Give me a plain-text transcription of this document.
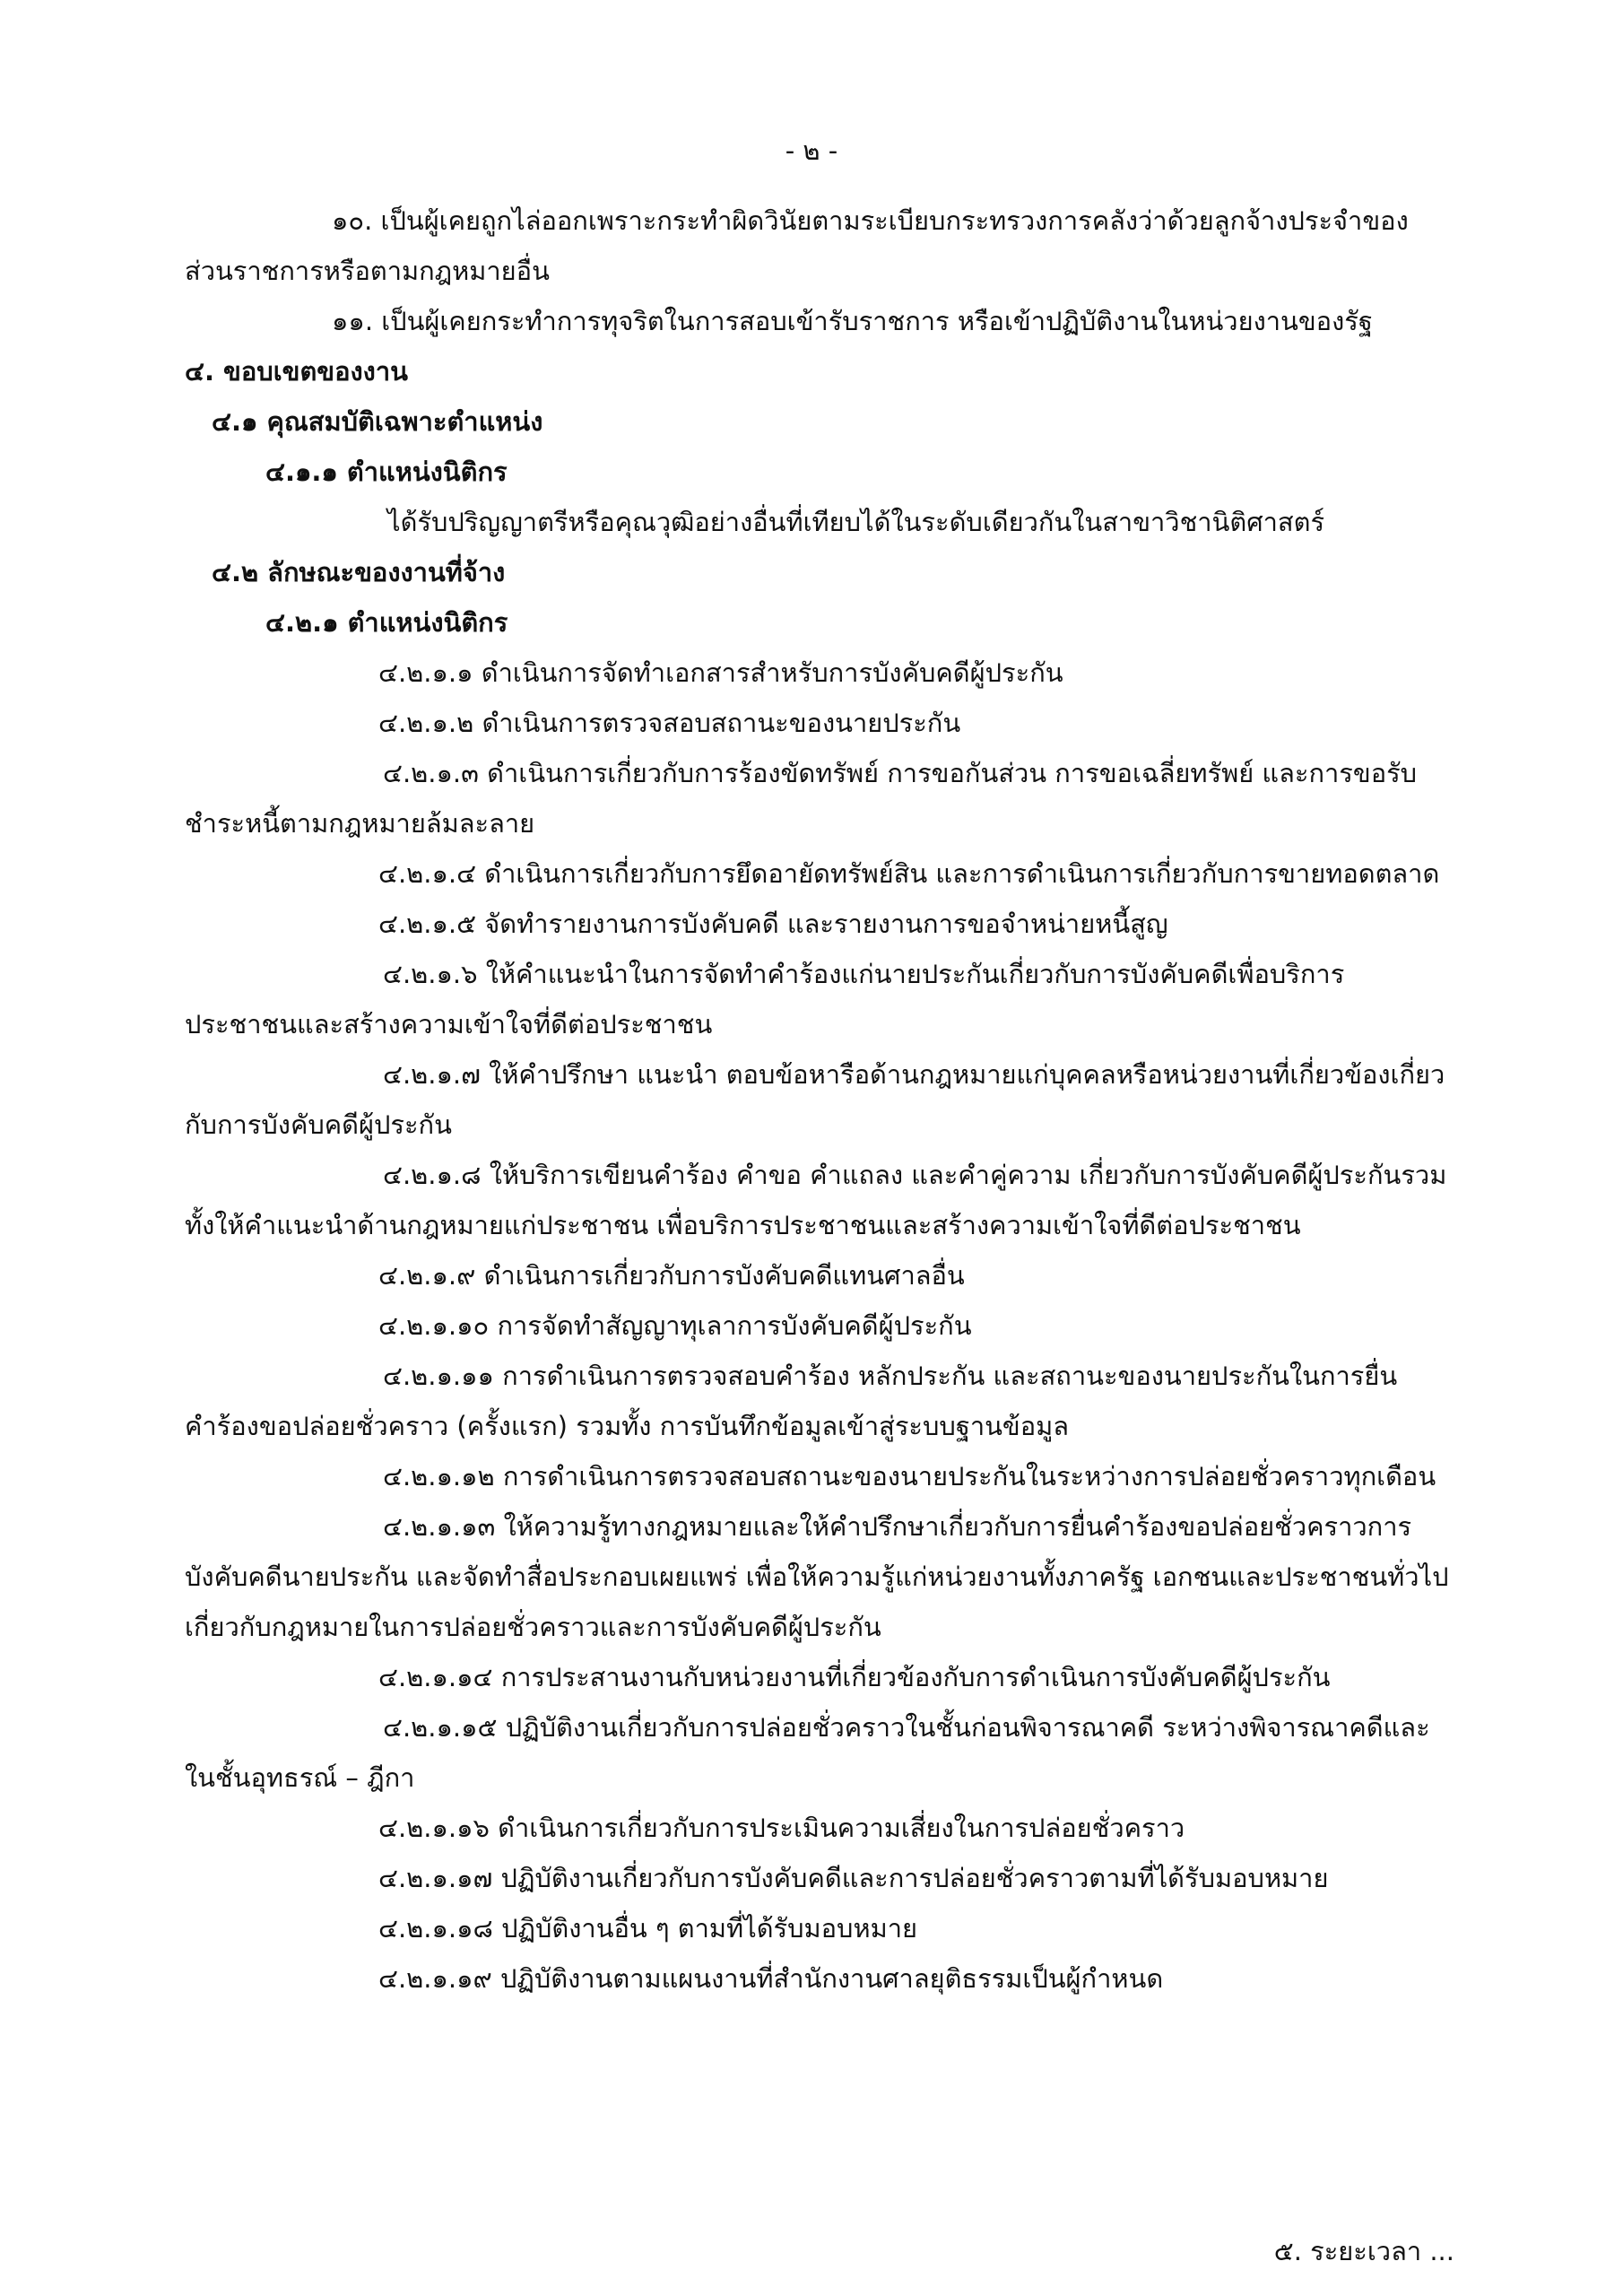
- ๒ -

๑๐. เป็นผู้เคยถูกไล่ออกเพราะกระทำผิดวินัยตามระเบียบกระทรวงการคลังว่าด้วยลูกจ้างประจำของส่วนราชการหรือตามกฎหมายอื่น

๑๑. เป็นผู้เคยกระทำการทุจริตในการสอบเข้ารับราชการ หรือเข้าปฏิบัติงานในหน่วยงานของรัฐ

๔. ขอบเขตของงาน

๔.๑ คุณสมบัติเฉพาะตำแหน่ง

๔.๑.๑ ตำแหน่งนิติกร

ได้รับปริญญาตรีหรือคุณวุฒิอย่างอื่นที่เทียบได้ในระดับเดียวกันในสาขาวิชานิติศาสตร์

๔.๒ ลักษณะของงานที่จ้าง

๔.๒.๑ ตำแหน่งนิติกร

๔.๒.๑.๑ ดำเนินการจัดทำเอกสารสำหรับการบังคับคดีผู้ประกัน

๔.๒.๑.๒ ดำเนินการตรวจสอบสถานะของนายประกัน

๔.๒.๑.๓ ดำเนินการเกี่ยวกับการร้องขัดทรัพย์ การขอกันส่วน การขอเฉลี่ยทรัพย์ และการขอรับชำระหนี้ตามกฎหมายล้มละลาย

๔.๒.๑.๔ ดำเนินการเกี่ยวกับการยึดอายัดทรัพย์สิน และการดำเนินการเกี่ยวกับการขายทอดตลาด

๔.๒.๑.๕ จัดทำรายงานการบังคับคดี และรายงานการขอจำหน่ายหนี้สูญ

๔.๒.๑.๖ ให้คำแนะนำในการจัดทำคำร้องแก่นายประกันเกี่ยวกับการบังคับคดีเพื่อบริการประชาชนและสร้างความเข้าใจที่ดีต่อประชาชน

๔.๒.๑.๗ ให้คำปรึกษา แนะนำ ตอบข้อหารือด้านกฎหมายแก่บุคคลหรือหน่วยงานที่เกี่ยวข้องเกี่ยวกับการบังคับคดีผู้ประกัน

๔.๒.๑.๘ ให้บริการเขียนคำร้อง คำขอ คำแถลง และคำคู่ความ เกี่ยวกับการบังคับคดีผู้ประกันรวมทั้งให้คำแนะนำด้านกฎหมายแก่ประชาชน เพื่อบริการประชาชนและสร้างความเข้าใจที่ดีต่อประชาชน

๔.๒.๑.๙ ดำเนินการเกี่ยวกับการบังคับคดีแทนศาลอื่น

๔.๒.๑.๑๐ การจัดทำสัญญาทุเลาการบังคับคดีผู้ประกัน

๔.๒.๑.๑๑ การดำเนินการตรวจสอบคำร้อง หลักประกัน และสถานะของนายประกันในการยื่นคำร้องขอปล่อยชั่วคราว (ครั้งแรก) รวมทั้ง การบันทึกข้อมูลเข้าสู่ระบบฐานข้อมูล

๔.๒.๑.๑๒ การดำเนินการตรวจสอบสถานะของนายประกันในระหว่างการปล่อยชั่วคราวทุกเดือน

๔.๒.๑.๑๓ ให้ความรู้ทางกฎหมายและให้คำปรึกษาเกี่ยวกับการยื่นคำร้องขอปล่อยชั่วคราวการบังคับคดีนายประกัน และจัดทำสื่อประกอบเผยแพร่ เพื่อให้ความรู้แก่หน่วยงานทั้งภาครัฐ เอกชนและประชาชนทั่วไป เกี่ยวกับกฎหมายในการปล่อยชั่วคราวและการบังคับคดีผู้ประกัน

๔.๒.๑.๑๔ การประสานงานกับหน่วยงานที่เกี่ยวข้องกับการดำเนินการบังคับคดีผู้ประกัน

๔.๒.๑.๑๕ ปฏิบัติงานเกี่ยวกับการปล่อยชั่วคราวในชั้นก่อนพิจารณาคดี ระหว่างพิจารณาคดีและในชั้นอุทธรณ์ – ฎีกา

๔.๒.๑.๑๖ ดำเนินการเกี่ยวกับการประเมินความเสี่ยงในการปล่อยชั่วคราว

๔.๒.๑.๑๗ ปฏิบัติงานเกี่ยวกับการบังคับคดีและการปล่อยชั่วคราวตามที่ได้รับมอบหมาย

๔.๒.๑.๑๘ ปฏิบัติงานอื่น ๆ ตามที่ได้รับมอบหมาย

๔.๒.๑.๑๙ ปฏิบัติงานตามแผนงานที่สำนักงานศาลยุติธรรมเป็นผู้กำหนด

๕. ระยะเวลา ...
